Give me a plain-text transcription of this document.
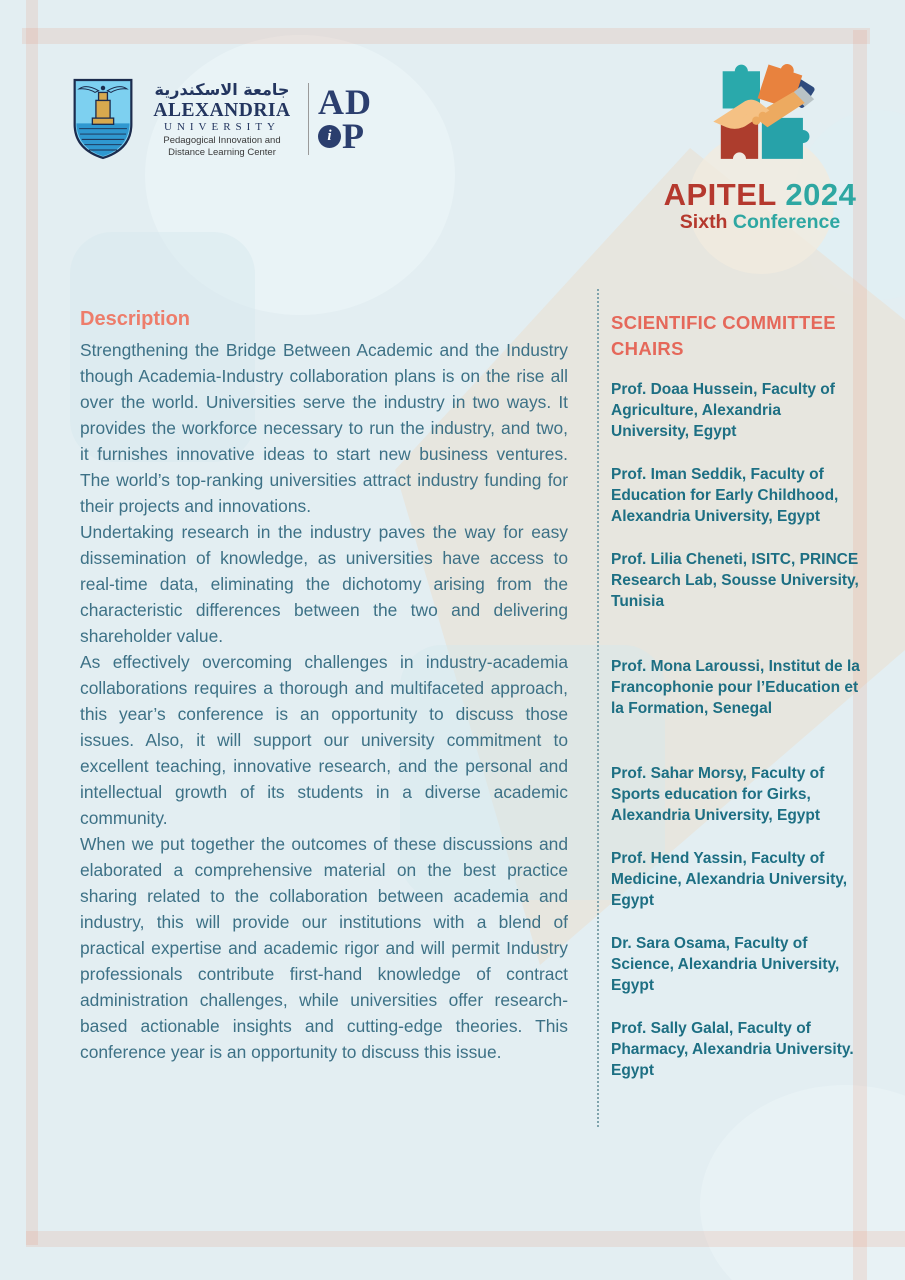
جامعة الاسكندرية
ALEXANDRIA
UNIVERSITY
Pedagogical Innovation and
Distance Learning Center
AD
i P
APITEL 2024
Sixth Conference
Description

Strengthening the Bridge Between Academic and the Industry though Academia-Industry collaboration plans is on the rise all over the world. Universities serve the industry in two ways. It provides the workforce necessary to run the industry, and two, it furnishes innovative ideas to start new business ventures. The world’s top-ranking universities attract industry funding for their projects and innovations.

Undertaking research in the industry paves the way for easy dissemination of knowledge, as universities have access to real-time data, eliminating the dichotomy arising from the characteristic differences between the two and delivering shareholder value.

As effectively overcoming challenges in industry-academia collaborations requires a thorough and multifaceted approach, this year’s conference is an opportunity to discuss those issues. Also, it will support our university commitment to excellent teaching, innovative research, and the personal and intellectual growth of its students in a diverse academic community.

When we put together the outcomes of these discussions and elaborated a comprehensive material on the best practice sharing related to the collaboration between academia and industry, this will provide our institutions with a blend of practical expertise and academic rigor and will permit Industry professionals contribute first-hand knowledge of contract administration challenges, while universities offer research-based actionable insights and cutting-edge theories. This conference year is an opportunity to discuss this issue.

SCIENTIFIC COMMITTEE CHAIRS
Prof. Doaa Hussein, Faculty of Agriculture, Alexandria University, Egypt
Prof. Iman Seddik, Faculty of Education for Early Childhood, Alexandria University, Egypt
Prof. Lilia Cheneti, ISITC, PRINCE Research Lab, Sousse University, Tunisia
Prof. Mona Laroussi, Institut de la Francophonie pour l’Education et la Formation, Senegal
Prof. Sahar Morsy, Faculty of Sports education for Girks, Alexandria University, Egypt
Prof. Hend Yassin, Faculty of Medicine, Alexandria University, Egypt
Dr. Sara Osama, Faculty of Science, Alexandria University, Egypt
Prof. Sally Galal, Faculty of Pharmacy, Alexandria University. Egypt
